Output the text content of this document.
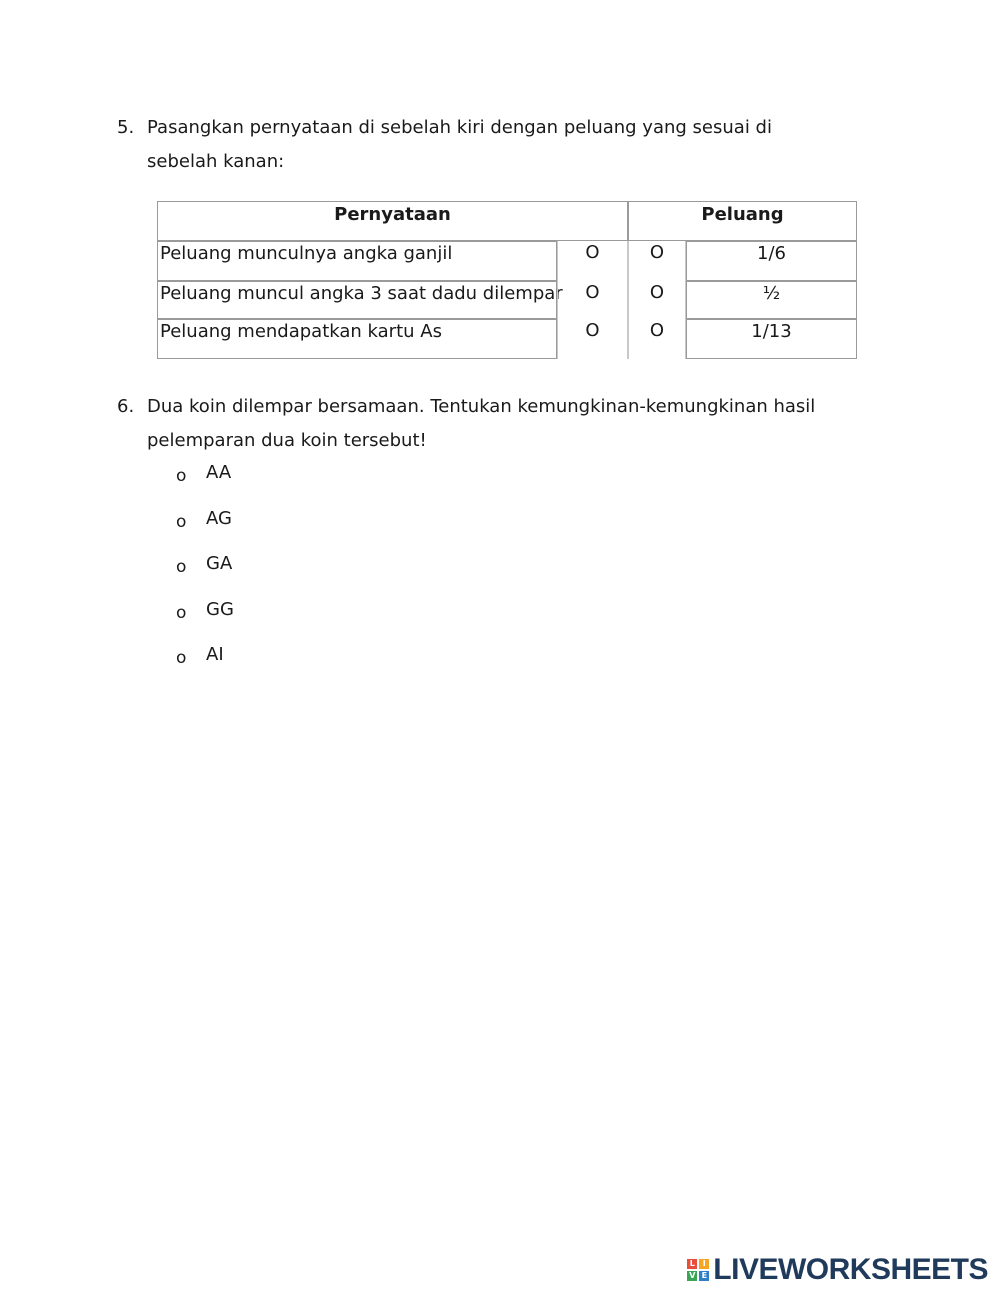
5. Pasangkan pernyataan di sebelah kiri dengan peluang yang sesuai di sebelah kanan:
Pernyataan	Peluang
Peluang munculnya angka ganjil	O	O	1/6
Peluang muncul angka 3 saat dadu dilempar	O	O	½
Peluang mendapatkan kartu As	O	O	1/13
6. Dua koin dilempar bersamaan. Tentukan kemungkinan-kemungkinan hasil pelemparan dua koin tersebut!
o AA
o AG
o GA
o GG
o AI
L I
V E LIVEWORKSHEETS
